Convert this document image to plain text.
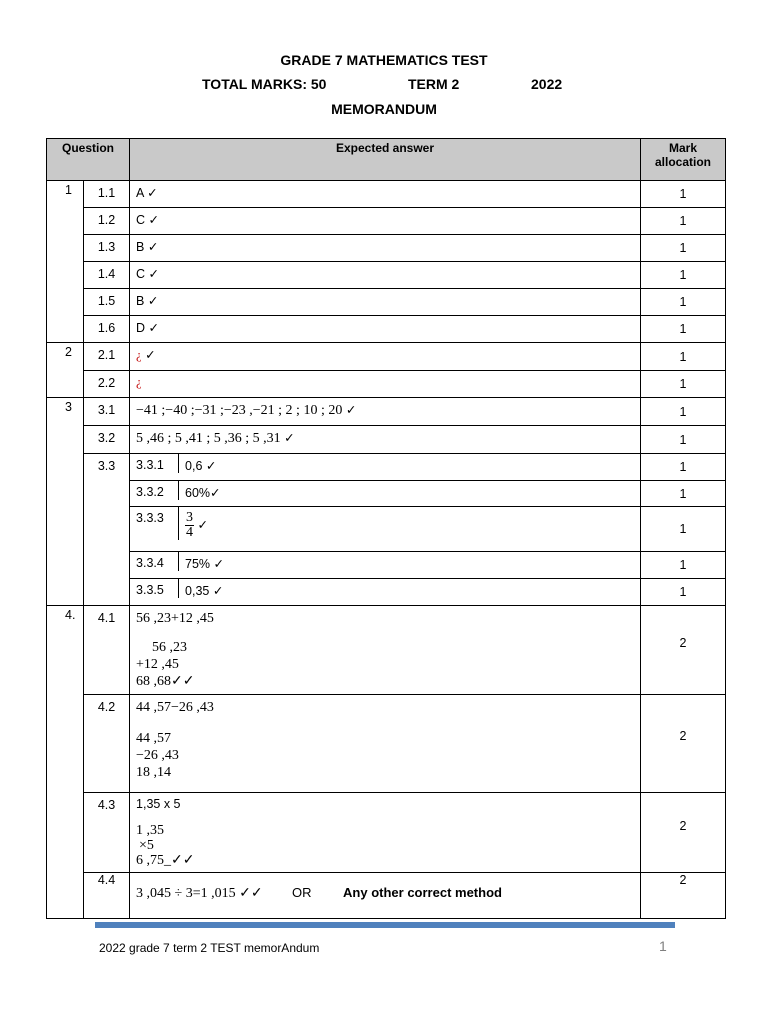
GRADE 7 MATHEMATICS TEST
TOTAL MARKS: 50	TERM 2	2022
MEMORANDUM
Question		Expected answer	Mark allocation
1	1.1	A ✓	1
	1.2	C ✓	1
	1.3	B ✓	1
	1.4	C ✓	1
	1.5	B ✓	1
	1.6	D ✓	1
2	2.1	¿ ✓	1
	2.2	¿	1
3	3.1	−41 ;−40 ;−31 ;−23 ,−21 ; 2 ; 10 ; 20 ✓	1
	3.2	5 ,46 ; 5 ,41 ; 5 ,36 ; 5 ,31 ✓	1
	3.3	3.3.1 0,6 ✓	1

		3.3.2 60%✓	1

		$3.3.3 \frac{3}{4}$ ✓	1

		3.3.4 75% ✓	1

		3.3.5 0,35 ✓	1
4.	4.1	56 ,23+12 ,45
56 ,23
+12 ,45
68 ,68✓✓	2
	4.2	44 ,57−26 ,43
44 ,57
−26 ,43
18 ,14	2
	4.3	1,35 x 5
1 ,35
×5
6 ,75_✓✓	2
	4.4	3 ,045 ÷ 3=1 ,015 ✓✓ OR Any other correct method	2
2022 grade 7 term 2 TEST memorAndum	1
